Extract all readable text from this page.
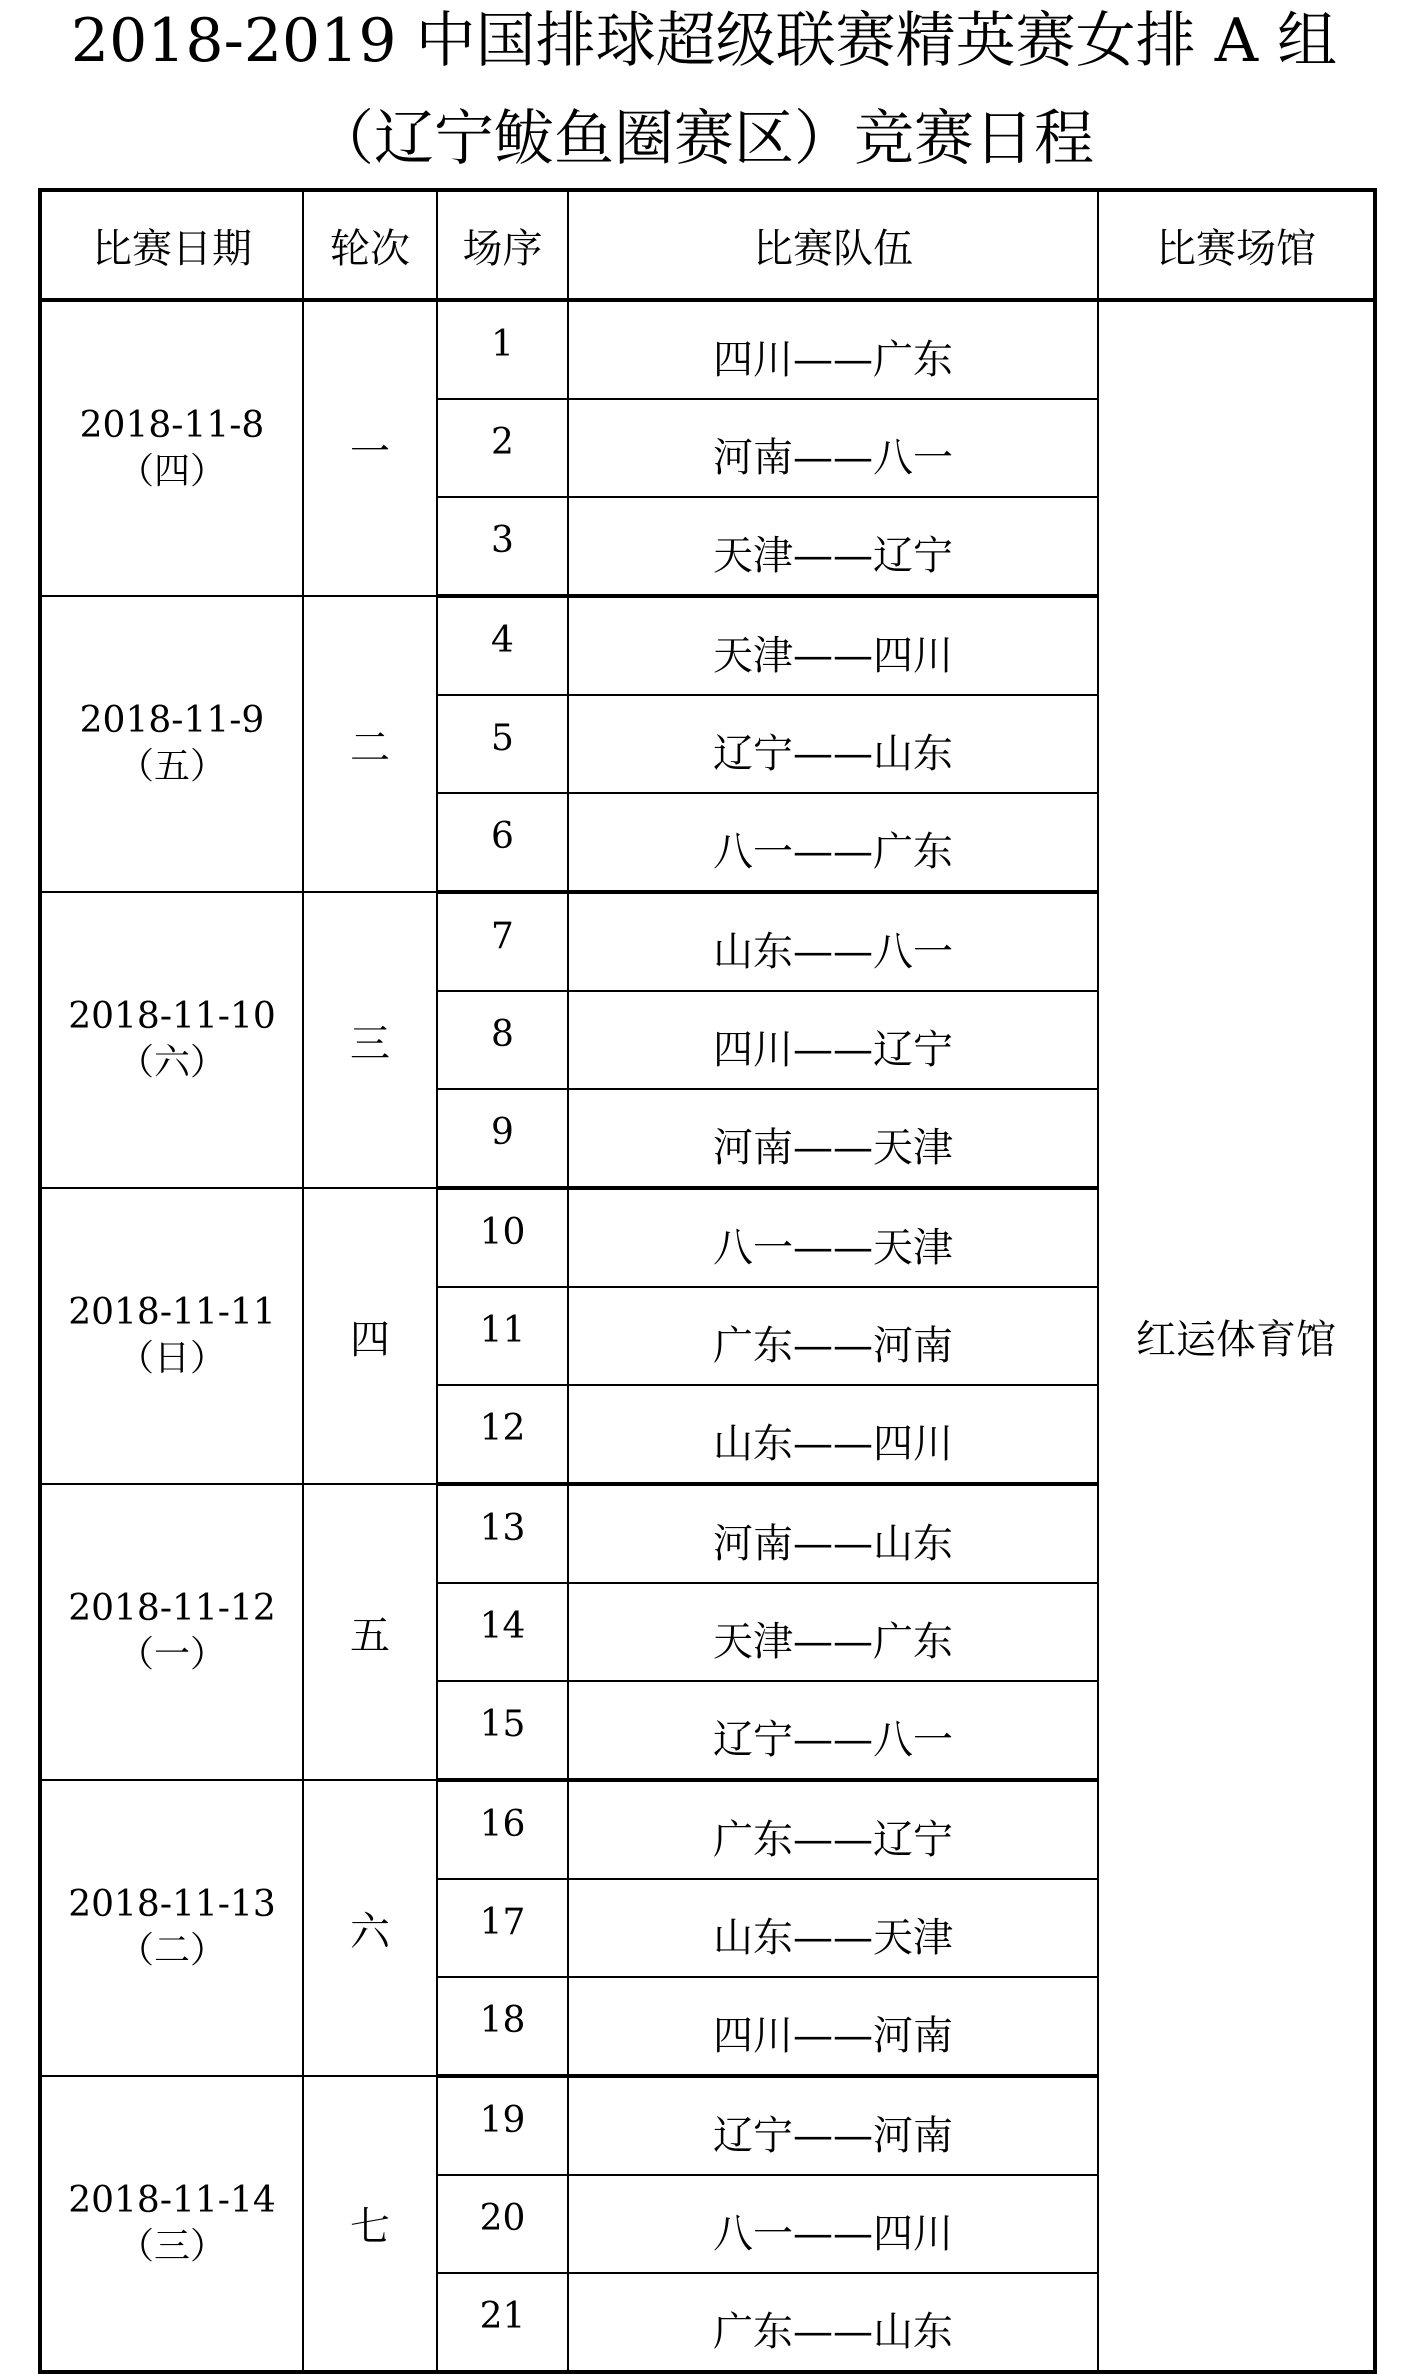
2018-2019 中国排球超级联赛精英赛女排 A 组
（辽宁鲅鱼圈赛区）竞赛日程
比赛日期	轮次	场序	比赛队伍	比赛场馆

2018-11-8
（四）	一	1	四川——广东	红运体育馆
		2	河南——八一	
		3	天津——辽宁	

2018-11-9
（五）	二	4	天津——四川	
		5	辽宁——山东	
		6	八一——广东	

2018-11-10
（六）	三	7	山东——八一	
		8	四川——辽宁	
		9	河南——天津	

2018-11-11
（日）	四	10	八一——天津	
		11	广东——河南	
		12	山东——四川	

2018-11-12
（一）	五	13	河南——山东	
		14	天津——广东	
		15	辽宁——八一	

2018-11-13
（二）	六	16	广东——辽宁	
		17	山东——天津	
		18	四川——河南	

2018-11-14
（三）	七	19	辽宁——河南	
		20	八一——四川	
		21	广东——山东	
